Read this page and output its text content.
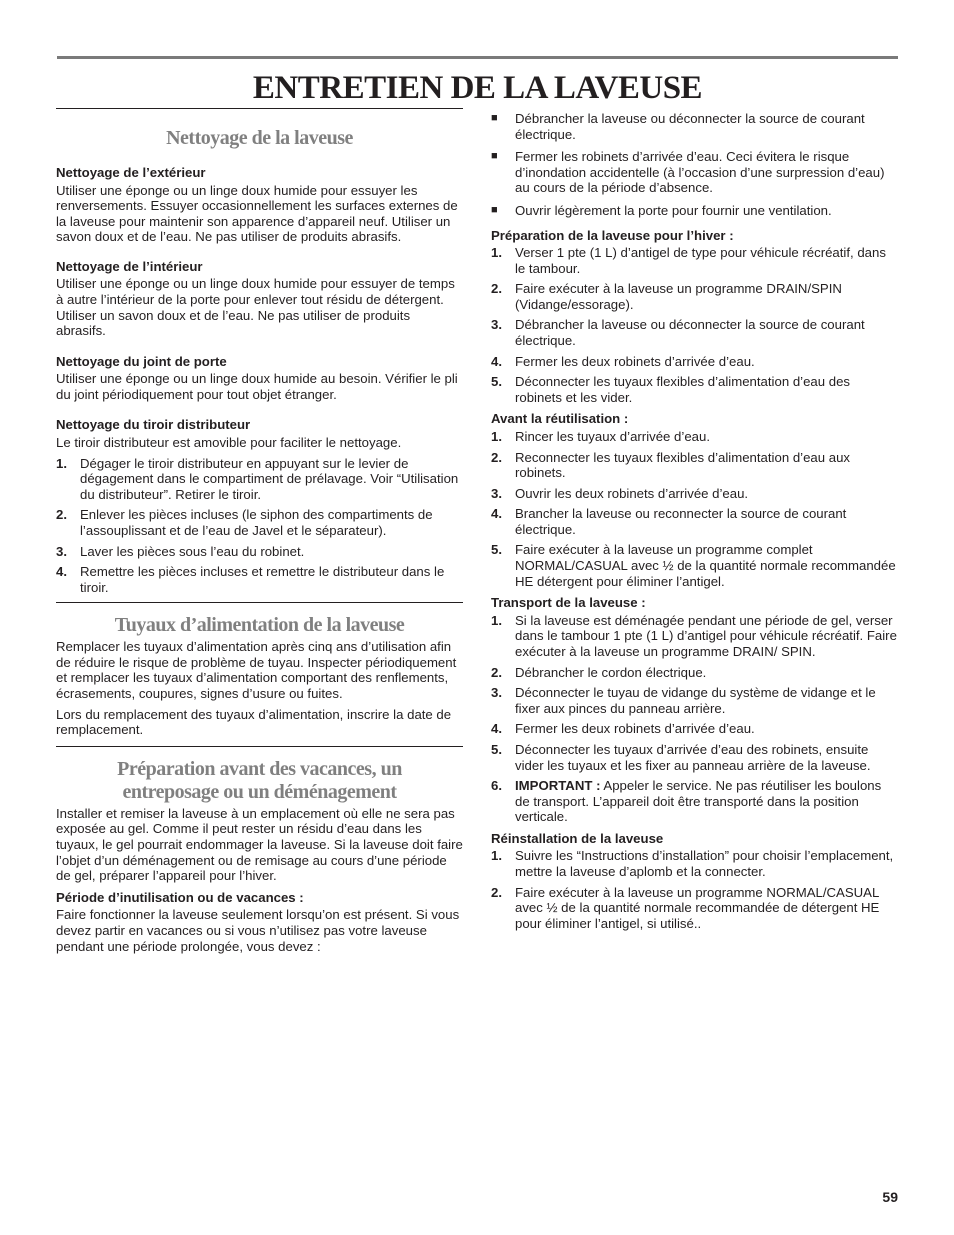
ENTRETIEN DE LA LAVEUSE
Nettoyage de la laveuse
Nettoyage de l’extérieur

Utiliser une éponge ou un linge doux humide pour essuyer les renversements. Essuyer occasionnellement les surfaces externes de la laveuse pour maintenir son apparence d’appareil neuf. Utiliser un savon doux et de l’eau. Ne pas utiliser de produits abrasifs.

Nettoyage de l’intérieur

Utiliser une éponge ou un linge doux humide pour essuyer de temps à autre l’intérieur de la porte pour enlever tout résidu de détergent. Utiliser un savon doux et de l’eau. Ne pas utiliser de produits abrasifs.

Nettoyage du joint de porte

Utiliser une éponge ou un linge doux humide au besoin. Vérifier le pli du joint périodiquement pour tout objet étranger.

Nettoyage du tiroir distributeur

Le tiroir distributeur est amovible pour faciliter le nettoyage.

1. Dégager le tiroir distributeur en appuyant sur le levier de dégagement dans le compartiment de prélavage. Voir “Utilisation du distributeur”. Retirer le tiroir.
2. Enlever les pièces incluses (le siphon des compartiments de l’assouplissant et de l’eau de Javel et le séparateur).
3. Laver les pièces sous l’eau du robinet.
4. Remettre les pièces incluses et remettre le distributeur dans le tiroir.
Tuyaux d’alimentation de la laveuse

Remplacer les tuyaux d’alimentation après cinq ans d’utilisation afin de réduire le risque de problème de tuyau. Inspecter périodiquement et remplacer les tuyaux d’alimentation comportant des renflements, écrasements, coupures, signes d’usure ou fuites.

Lors du remplacement des tuyaux d’alimentation, inscrire la date de remplacement.

Préparation avant des vacances, un
entreposage ou un déménagement

Installer et remiser la laveuse à un emplacement où elle ne sera pas exposée au gel. Comme il peut rester un résidu d’eau dans les tuyaux, le gel pourrait endommager la laveuse. Si la laveuse doit faire l’objet d’un déménagement ou de remisage au cours d’une période de gel, préparer l’appareil pour l’hiver.

Période d’inutilisation ou de vacances :

Faire fonctionner la laveuse seulement lorsqu’on est présent. Si vous devez partir en vacances ou si vous n’utilisez pas votre laveuse pendant une période prolongée, vous devez :

■	Débrancher la laveuse ou déconnecter la source de courant électrique.
■	Fermer les robinets d’arrivée d’eau. Ceci évitera le risque d’inondation accidentelle (à l’occasion d’une surpression d’eau) au cours de la période d’absence.
■	Ouvrir légèrement la porte pour fournir une ventilation.
Préparation de la laveuse pour l’hiver :
1. Verser 1 pte (1 L) d’antigel de type pour véhicule récréatif, dans le tambour.
2. Faire exécuter à la laveuse un programme DRAIN/SPIN (Vidange/essorage).
3. Débrancher la laveuse ou déconnecter la source de courant électrique.
4. Fermer les deux robinets d’arrivée d’eau.
5. Déconnecter les tuyaux flexibles d’alimentation d’eau des robinets et les vider.
Avant la réutilisation :
1. Rincer les tuyaux d’arrivée d’eau.
2. Reconnecter les tuyaux flexibles d’alimentation d’eau aux robinets.
3. Ouvrir les deux robinets d’arrivée d’eau.
4. Brancher la laveuse ou reconnecter la source de courant électrique.
5. Faire exécuter à la laveuse un programme complet NORMAL/CASUAL avec ½ de la quantité normale recommandée HE détergent pour éliminer l’antigel.
Transport de la laveuse :
1. Si la laveuse est déménagée pendant une période de gel, verser dans le tambour 1 pte (1 L) d’antigel pour véhicule récréatif. Faire exécuter à la laveuse un programme DRAIN/ SPIN.
2. Débrancher le cordon électrique.
3. Déconnecter le tuyau de vidange du système de vidange et le fixer aux pinces du panneau arrière.
4. Fermer les deux robinets d’arrivée d’eau.
5. Déconnecter les tuyaux d’arrivée d’eau des robinets, ensuite vider les tuyaux et les fixer au panneau arrière de la laveuse.
6. IMPORTANT : Appeler le service. Ne pas réutiliser les boulons de transport. L’appareil doit être transporté dans la position verticale.
Réinstallation de la laveuse
1. Suivre les “Instructions d’installation” pour choisir l’emplacement, mettre la laveuse d’aplomb et la connecter.
2. Faire exécuter à la laveuse un programme NORMAL/CASUAL avec ½ de la quantité normale recommandée de détergent HE pour éliminer l’antigel, si utilisé..

59
